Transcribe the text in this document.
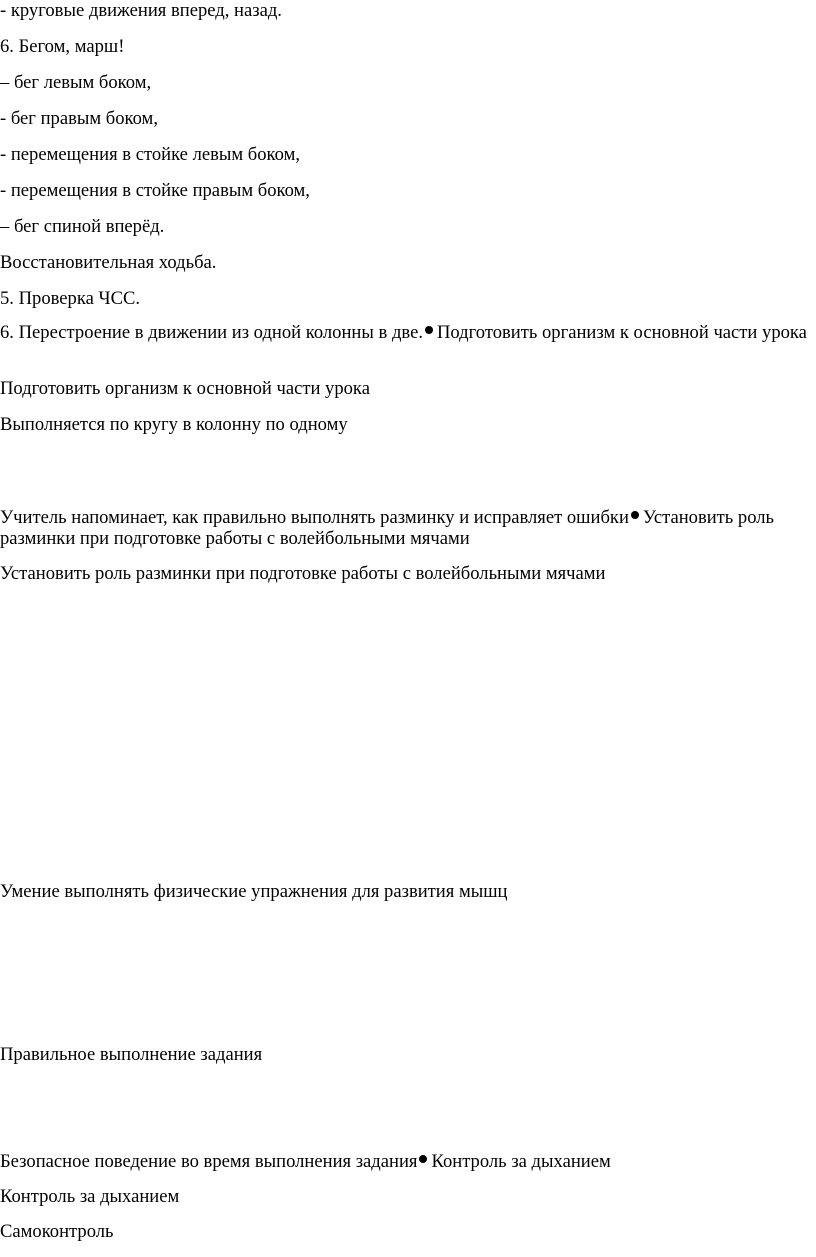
- круговые движения вперед, назад.

6. Бегом, марш!

– бег левым боком,

- бег правым боком,

- перемещения в стойке левым боком,

- перемещения в стойке правым боком,

– бег спиной вперёд.

Восстановительная ходьба.

5. Проверка ЧСС.

6. Перестроение в движении из одной колонны в две. Подготовить организм к основной части урока

Подготовить организм к основной части урока

Выполняется по кругу в колонну по одному

Учитель напоминает, как правильно выполнять разминку и исправляет ошибки Установить роль разминки при подготовке работы с волейбольными мячами

Установить роль разминки при подготовке работы с волейбольными мячами

Умение выполнять физические упражнения для развития мышц

Правильное выполнение задания

Безопасное поведение во время выполнения задания Контроль за дыханием

Контроль за дыханием

Самоконтроль
